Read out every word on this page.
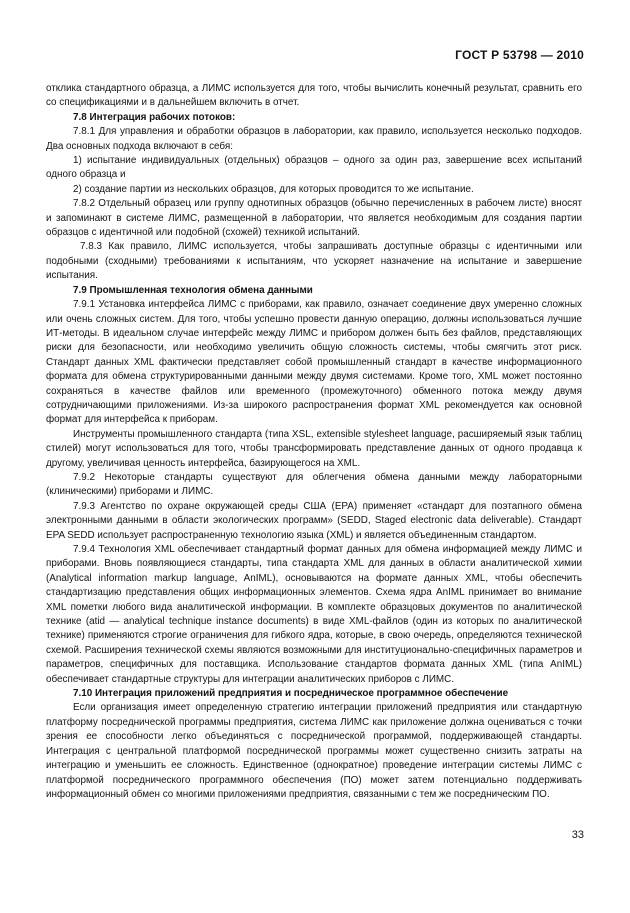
ГОСТ Р 53798 — 2010

отклика стандартного образца, а ЛИМС используется для того, чтобы вычислить конечный результат, сравнить его со спецификациями и в дальнейшем включить в отчет.

7.8 Интеграция рабочих потоков:

7.8.1 Для управления и обработки образцов в лаборатории, как правило, используется несколько подходов. Два основных подхода включают в себя:

1) испытание индивидуальных (отдельных) образцов – одного за один раз, завершение всех испытаний одного образца и

2) создание партии из нескольких образцов, для которых проводится то же испытание.

7.8.2 Отдельный образец или группу однотипных образцов (обычно перечисленных в рабочем листе) вносят и запоминают в системе ЛИМС, размещенной в лаборатории, что является необходимым для создания партии образцов с идентичной или подобной (схожей) техникой испытаний.

7.8.3 Как правило, ЛИМС используется, чтобы запрашивать доступные образцы с идентичными или подобными (сходными) требованиями к испытаниям, что ускоряет назначение на испытание и завершение испытания.

7.9 Промышленная технология обмена данными

7.9.1 Установка интерфейса ЛИМС с приборами, как правило, означает соединение двух умеренно сложных или очень сложных систем. Для того, чтобы успешно провести данную операцию, должны использоваться лучшие ИТ-методы. В идеальном случае интерфейс между ЛИМС и прибором должен быть без файлов, представляющих риски для безопасности, или необходимо увеличить общую сложность системы, чтобы смягчить этот риск. Стандарт данных XML фактически представляет собой промышленный стандарт в качестве информационного формата для обмена структурированными данными между двумя системами. Кроме того, XML может постоянно сохраняться в качестве файлов или временного (промежуточного) обменного потока между двумя сотрудничающими приложениями. Из-за широкого распространения формат XML рекомендуется как основной формат для интерфейса к приборам.

Инструменты промышленного стандарта (типа XSL, extensible stylesheet language, расширяемый язык таблиц стилей) могут использоваться для того, чтобы трансформировать представление данных от одного продавца к другому, увеличивая ценность интерфейса, базирующегося на XML.

7.9.2 Некоторые стандарты существуют для облегчения обмена данными между лабораторными (клиническими) приборами и ЛИМС.

7.9.3 Агентство по охране окружающей среды США (EPA) применяет «стандарт для поэтапного обмена электронными данными в области экологических программ» (SEDD, Staged electronic data deliverable). Стандарт EPA SEDD использует распространенную технологию языка (XML) и является объединенным стандартом.

7.9.4 Технология XML обеспечивает стандартный формат данных для обмена информацией между ЛИМС и приборами. Вновь появляющиеся стандарты, типа стандарта XML для данных в области аналитической химии (Analytical information markup language, AnIML), основываются на формате данных XML, чтобы обеспечить стандартизацию представления общих информационных элементов. Схема ядра AnIML принимает во внимание XML пометки любого вида аналитической информации. В комплекте образцовых документов по аналитической технике (atid — analytical technique instance documents) в виде XML-файлов (один из которых по аналитической технике) применяются строгие ограничения для гибкого ядра, которые, в свою очередь, определяются технической схемой. Расширения технической схемы являются возможными для институционально-специфичных параметров и параметров, специфичных для поставщика. Использование стандартов формата данных XML (типа AnIML) обеспечивает стандартные структуры для интеграции аналитических приборов с ЛИМС.

7.10 Интеграция приложений предприятия и посредническое программное обеспечение

Если организация имеет определенную стратегию интеграции приложений предприятия или стандартную платформу посреднической программы предприятия, система ЛИМС как приложение должна оцениваться с точки зрения ее способности легко объединяться с посреднической программой, поддерживающей стандарты. Интеграция с центральной платформой посреднической программы может существенно снизить затраты на интеграцию и уменьшить ее сложность. Единственное (однократное) проведение интеграции системы ЛИМС с платформой посреднического программного обеспечения (ПО) может затем потенциально поддерживать информационный обмен со многими приложениями предприятия, связанными с тем же посредническим ПО.

33
